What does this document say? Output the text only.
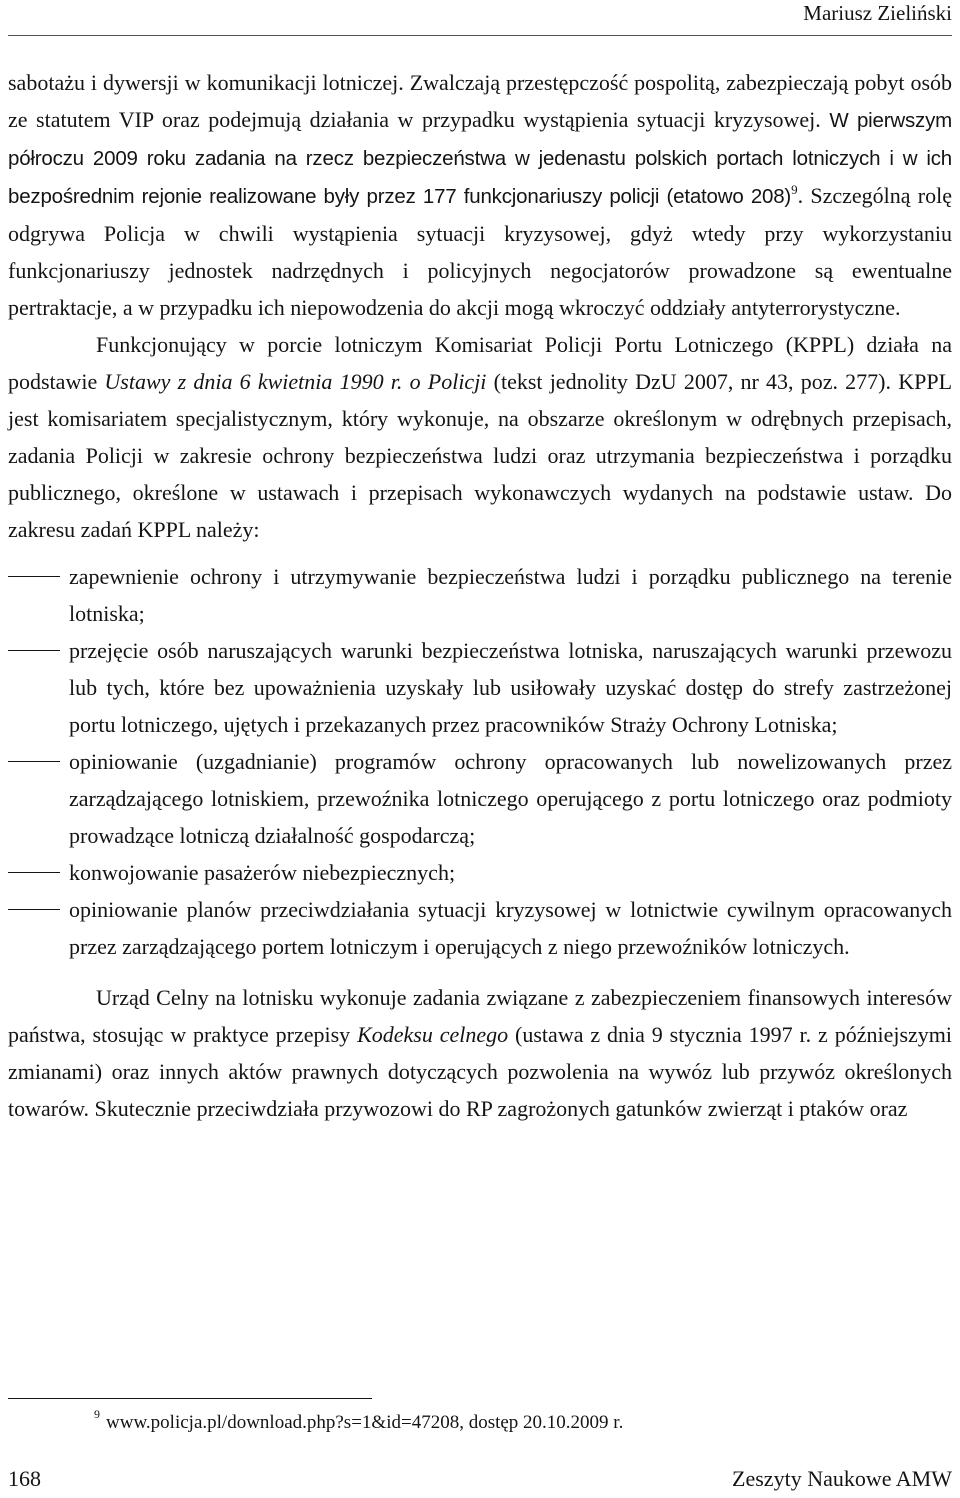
Mariusz Zieliński

sabotażu i dywersji w komunikacji lotniczej. Zwalczają przestępczość pospolitą, zabezpieczają pobyt osób ze statutem VIP oraz podejmują działania w przypadku wystąpienia sytuacji kryzysowej. W pierwszym półroczu 2009 roku zadania na rzecz bezpieczeństwa w jedenastu polskich portach lotniczych i w ich bezpośrednim rejonie realizowane były przez 177 funkcjonariuszy policji (etatowo 208)$^9$. Szczególną rolę odgrywa Policja w chwili wystąpienia sytuacji kryzysowej, gdyż wtedy przy wykorzystaniu funkcjonariuszy jednostek nadrzędnych i policyjnych negocjatorów prowadzone są ewentualne pertraktacje, a w przypadku ich niepowodzenia do akcji mogą wkroczyć oddziały antyterrorystyczne.

Funkcjonujący w porcie lotniczym Komisariat Policji Portu Lotniczego (KPPL) działa na podstawie Ustawy z dnia 6 kwietnia 1990 r. o Policji (tekst jednolity DzU 2007, nr 43, poz. 277). KPPL jest komisariatem specjalistycznym, który wykonuje, na obszarze określonym w odrębnych przepisach, zadania Policji w zakresie ochrony bezpieczeństwa ludzi oraz utrzymania bezpieczeństwa i porządku publicznego, określone w ustawach i przepisach wykonawczych wydanych na podstawie ustaw. Do zakresu zadań KPPL należy:

zapewnienie ochrony i utrzymywanie bezpieczeństwa ludzi i porządku publicznego na terenie lotniska;
przejęcie osób naruszających warunki bezpieczeństwa lotniska, naruszających warunki przewozu lub tych, które bez upoważnienia uzyskały lub usiłowały uzyskać dostęp do strefy zastrzeżonej portu lotniczego, ujętych i przekazanych przez pracowników Straży Ochrony Lotniska;
opiniowanie (uzgadnianie) programów ochrony opracowanych lub nowelizowanych przez zarządzającego lotniskiem, przewoźnika lotniczego operującego z portu lotniczego oraz podmioty prowadzące lotniczą działalność gospodarczą;
konwojowanie pasażerów niebezpiecznych;
opiniowanie planów przeciwdziałania sytuacji kryzysowej w lotnictwie cywilnym opracowanych przez zarządzającego portem lotniczym i operujących z niego przewoźników lotniczych.

Urząd Celny na lotnisku wykonuje zadania związane z zabezpieczeniem finansowych interesów państwa, stosując w praktyce przepisy Kodeksu celnego (ustawa z dnia 9 stycznia 1997 r. z późniejszymi zmianami) oraz innych aktów prawnych dotyczących pozwolenia na wywóz lub przywóz określonych towarów. Skutecznie przeciwdziała przywozowi do RP zagrożonych gatunków zwierząt i ptaków oraz

$^9$ www.policja.pl/download.php?s=1&id=47208, dostęp 20.10.2009 r.
168	Zeszyty Naukowe AMW
